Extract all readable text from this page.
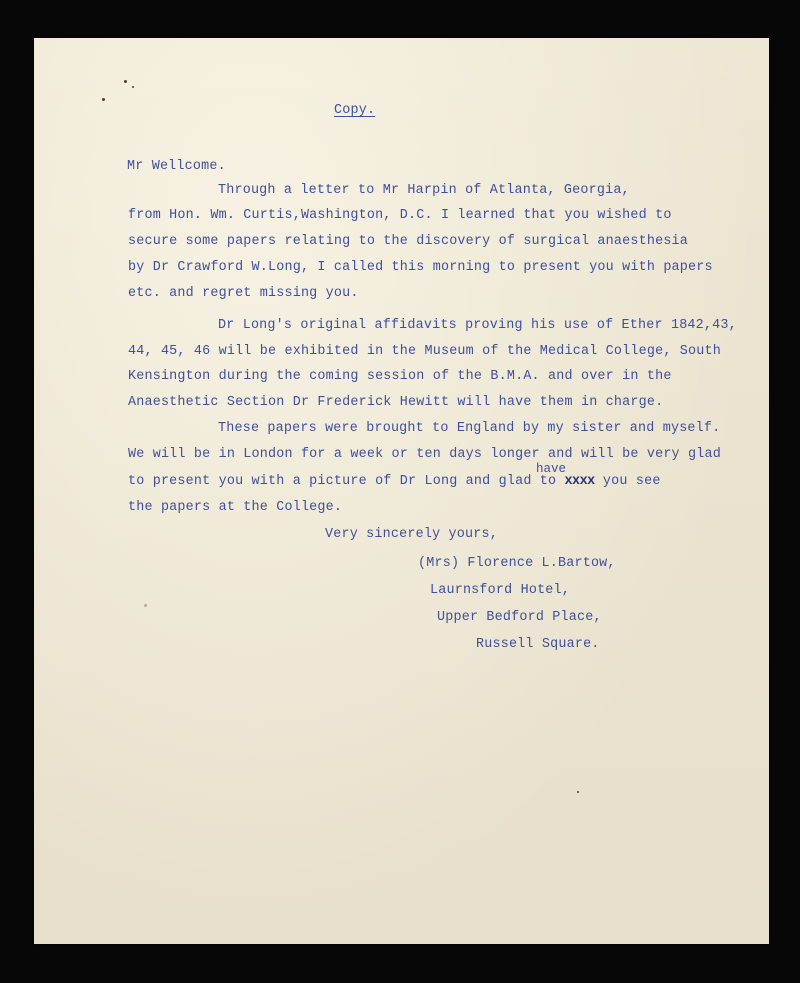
Copy.
Mr Wellcome.
Through a letter to Mr Harpin of Atlanta, Georgia,
from Hon. Wm. Curtis,Washington, D.C. I learned that you wished to
secure some papers relating to the discovery of surgical anaesthesia
by Dr Crawford W.Long, I called this morning to present you with papers
etc. and regret missing you.
Dr Long's original affidavits proving his use of Ether 1842,43,
44, 45, 46 will be exhibited in the Museum of the Medical College, South
Kensington during the coming session of the B.M.A. and over in the
Anaesthetic Section Dr Frederick Hewitt will have them in charge.
These papers were brought to England by my sister and myself.
We will be in London for a week or ten days longer and will be very glad
have
to present you with a picture of Dr Long and glad to xxxx you see
the papers at the College.
Very sincerely yours,
(Mrs) Florence L.Bartow,
Laurnsford Hotel,
Upper Bedford Place,
Russell Square.
